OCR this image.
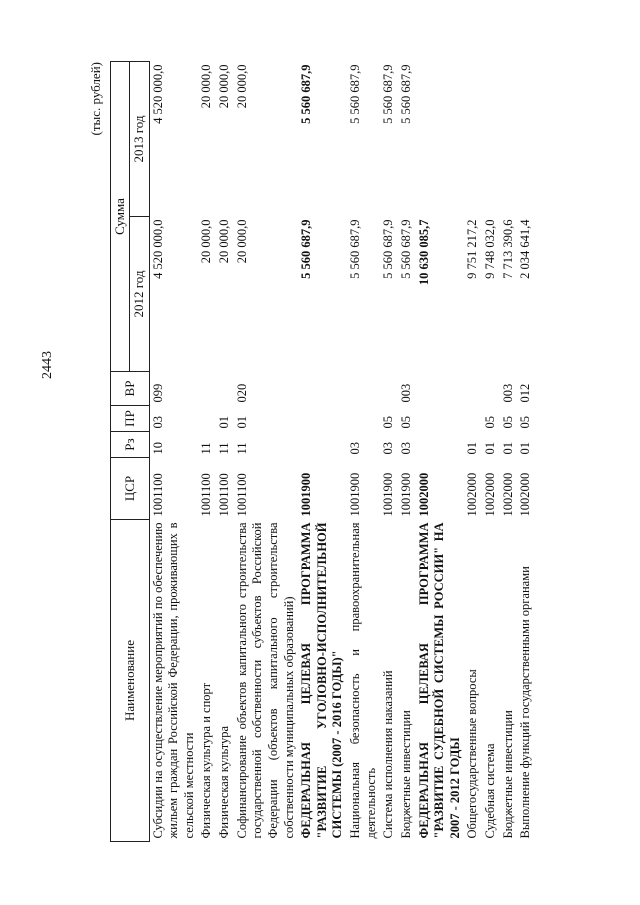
2443
(тыс. рублей)
Наименование	ЦСР	Рз	ПР	ВР	Сумма	
					2012 год	2013 год
Субсидии на осуществление мероприятий по обеспечению жильем граждан Российской Федерации, проживающих в сельской местности	1001100	10	03	099	4 520 000,0	4 520 000,0
Физическая культура и спорт	1001100	11			20 000,0	20 000,0
Физическая культура	1001100	11	01		20 000,0	20 000,0
Софинансирование объектов капитального строительства государственной собственности субъектов Российской Федерации (объектов капитального строительства собственности муниципальных образований)	1001100	11	01	020	20 000,0	20 000,0
ФЕДЕРАЛЬНАЯ ЦЕЛЕВАЯ ПРОГРАММА "РАЗВИТИЕ УГОЛОВНО-ИСПОЛНИТЕЛЬНОЙ СИСТЕМЫ (2007 - 2016 ГОДЫ)"	1001900				5 560 687,9	5 560 687,9
Национальная безопасность и правоохранительная деятельность	1001900	03			5 560 687,9	5 560 687,9
Система исполнения наказаний	1001900	03	05		5 560 687,9	5 560 687,9
Бюджетные инвестиции	1001900	03	05	003	5 560 687,9	5 560 687,9
ФЕДЕРАЛЬНАЯ ЦЕЛЕВАЯ ПРОГРАММА "РАЗВИТИЕ СУДЕБНОЙ СИСТЕМЫ РОССИИ" НА 2007 - 2012 ГОДЫ	1002000				10 630 085,7	
Общегосударственные вопросы	1002000	01			9 751 217,2	
Судебная система	1002000	01	05		9 748 032,0	
Бюджетные инвестиции	1002000	01	05	003	7 713 390,6	
Выполнение функций государственными органами	1002000	01	05	012	2 034 641,4	
